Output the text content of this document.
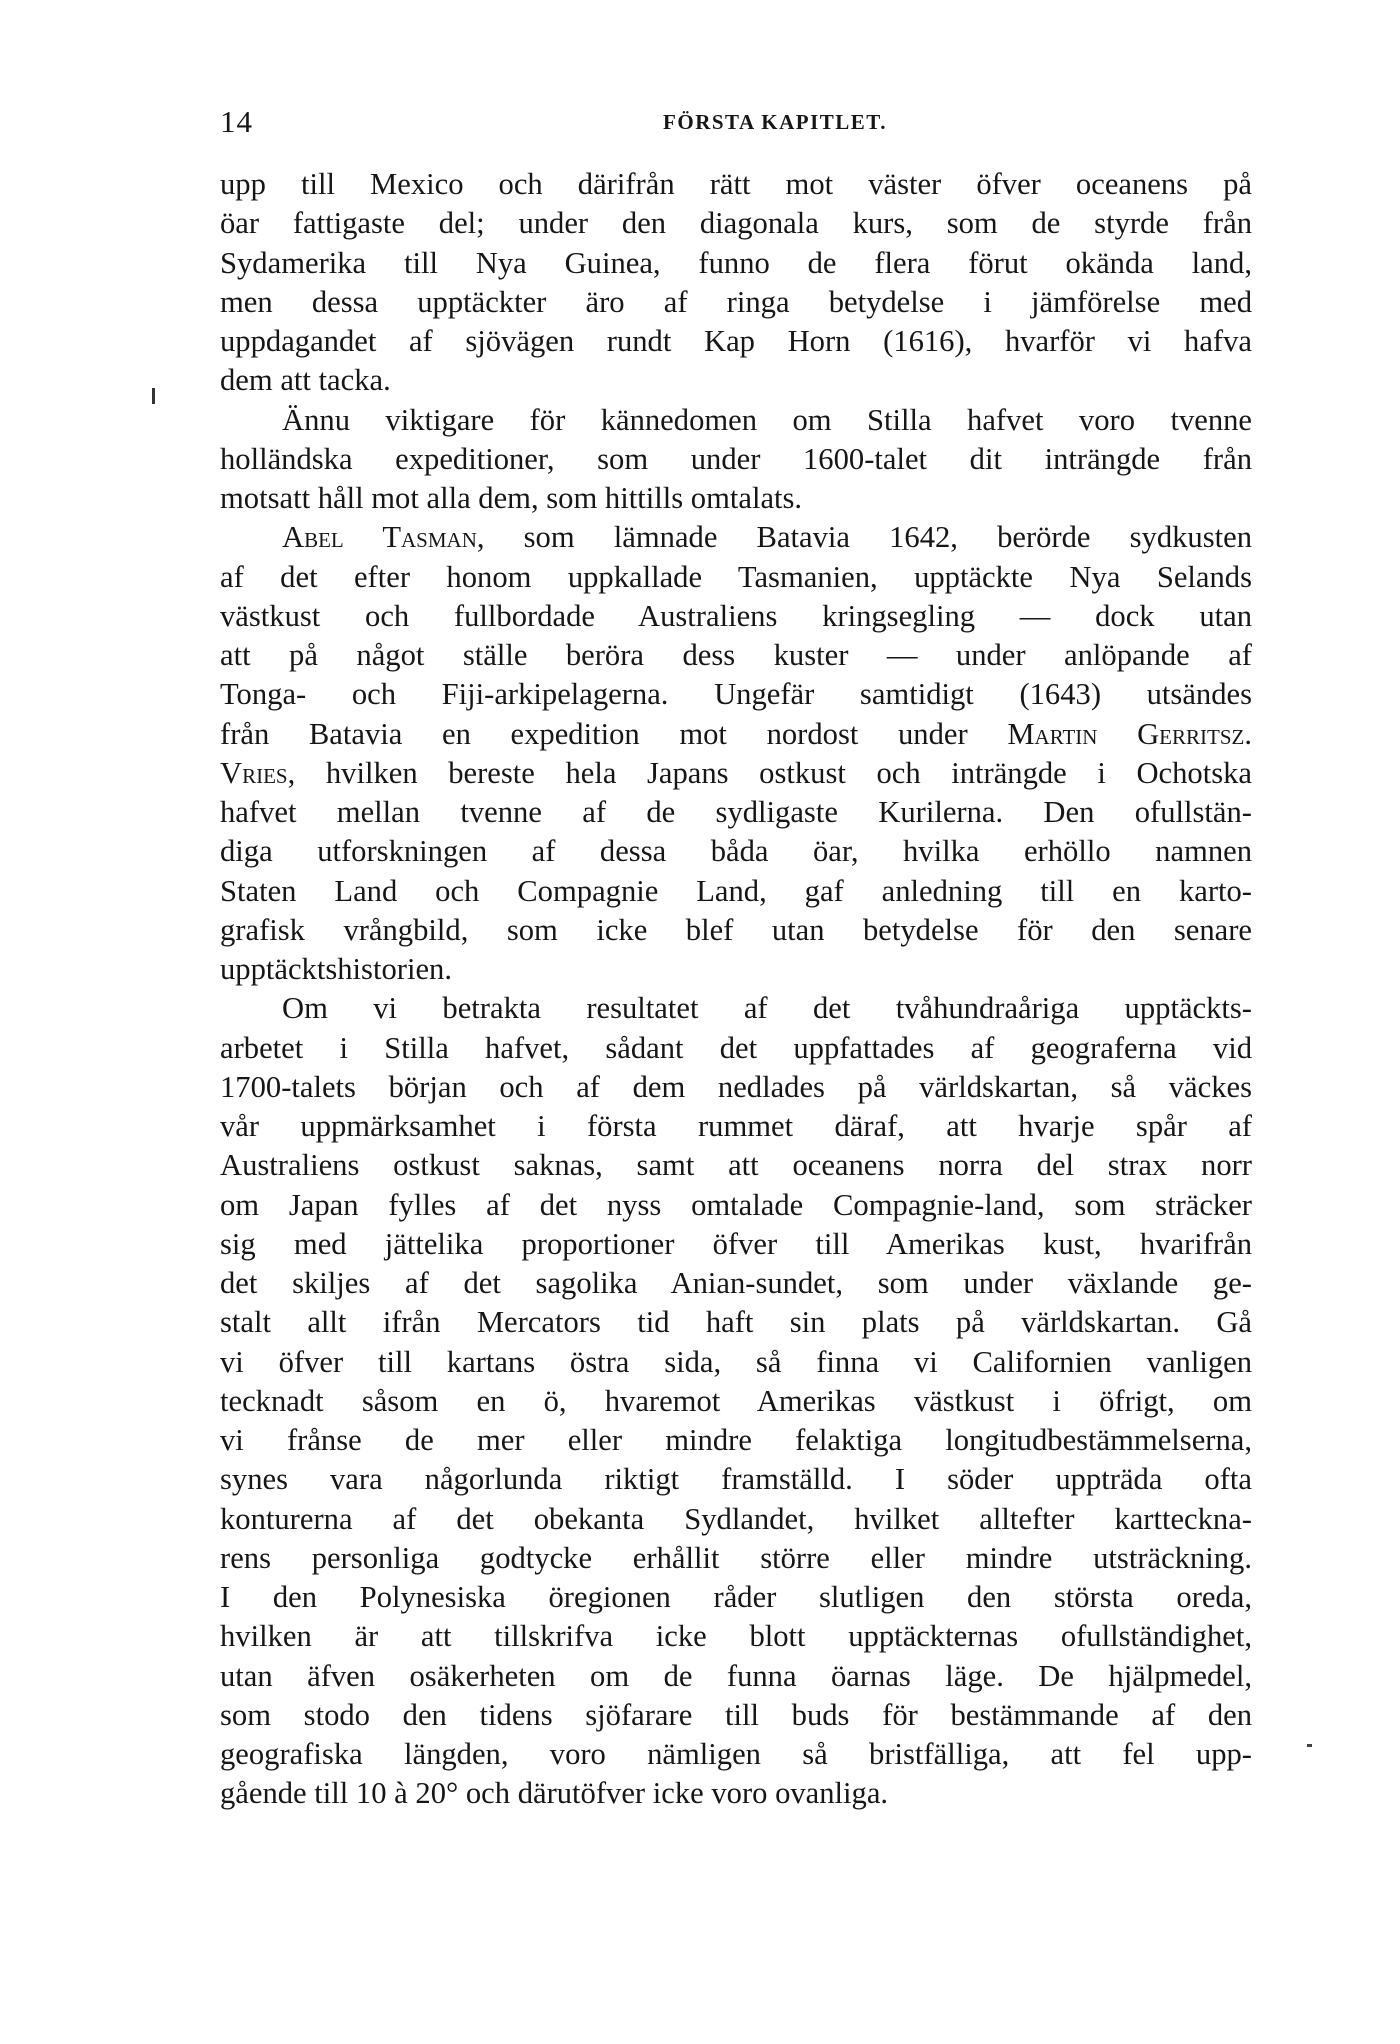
14	FÖRSTA KAPITLET.
upp till Mexico och därifrån rätt mot väster öfver oceanens på
öar fattigaste del; under den diagonala kurs, som de styrde från
Sydamerika till Nya Guinea, funno de flera förut okända land,
men dessa upptäckter äro af ringa betydelse i jämförelse med
uppdagandet af sjövägen rundt Kap Horn (1616), hvarför vi hafva
dem att tacka.
Ännu viktigare för kännedomen om Stilla hafvet voro tvenne
holländska expeditioner, som under 1600-talet dit inträngde från
motsatt håll mot alla dem, som hittills omtalats.
Abel Tasman, som lämnade Batavia 1642, berörde sydkusten
af det efter honom uppkallade Tasmanien, upptäckte Nya Selands
västkust och fullbordade Australiens kringsegling — dock utan
att på något ställe beröra dess kuster — under anlöpande af
Tonga- och Fiji-arkipelagerna. Ungefär samtidigt (1643) utsändes
från Batavia en expedition mot nordost under Martin Gerritsz.
Vries, hvilken bereste hela Japans ostkust och inträngde i Ochotska
hafvet mellan tvenne af de sydligaste Kurilerna. Den ofullstän-
diga utforskningen af dessa båda öar, hvilka erhöllo namnen
Staten Land och Compagnie Land, gaf anledning till en karto-
grafisk vrångbild, som icke blef utan betydelse för den senare
upptäcktshistorien.
Om vi betrakta resultatet af det tvåhundraåriga upptäckts-
arbetet i Stilla hafvet, sådant det uppfattades af geograferna vid
1700-talets början och af dem nedlades på världskartan, så väckes
vår uppmärksamhet i första rummet däraf, att hvarje spår af
Australiens ostkust saknas, samt att oceanens norra del strax norr
om Japan fylles af det nyss omtalade Compagnie-land, som sträcker
sig med jättelika proportioner öfver till Amerikas kust, hvarifrån
det skiljes af det sagolika Anian-sundet, som under växlande ge-
stalt allt ifrån Mercators tid haft sin plats på världskartan. Gå
vi öfver till kartans östra sida, så finna vi Californien vanligen
tecknadt såsom en ö, hvaremot Amerikas västkust i öfrigt, om
vi frånse de mer eller mindre felaktiga longitudbestämmelserna,
synes vara någorlunda riktigt framställd. I söder uppträda ofta
konturerna af det obekanta Sydlandet, hvilket alltefter kartteckna-
rens personliga godtycke erhållit större eller mindre utsträckning.
I den Polynesiska öregionen råder slutligen den största oreda,
hvilken är att tillskrifva icke blott upptäckternas ofullständighet,
utan äfven osäkerheten om de funna öarnas läge. De hjälpmedel,
som stodo den tidens sjöfarare till buds för bestämmande af den
geografiska längden, voro nämligen så bristfälliga, att fel upp-
gående till 10 à 20° och därutöfver icke voro ovanliga.
